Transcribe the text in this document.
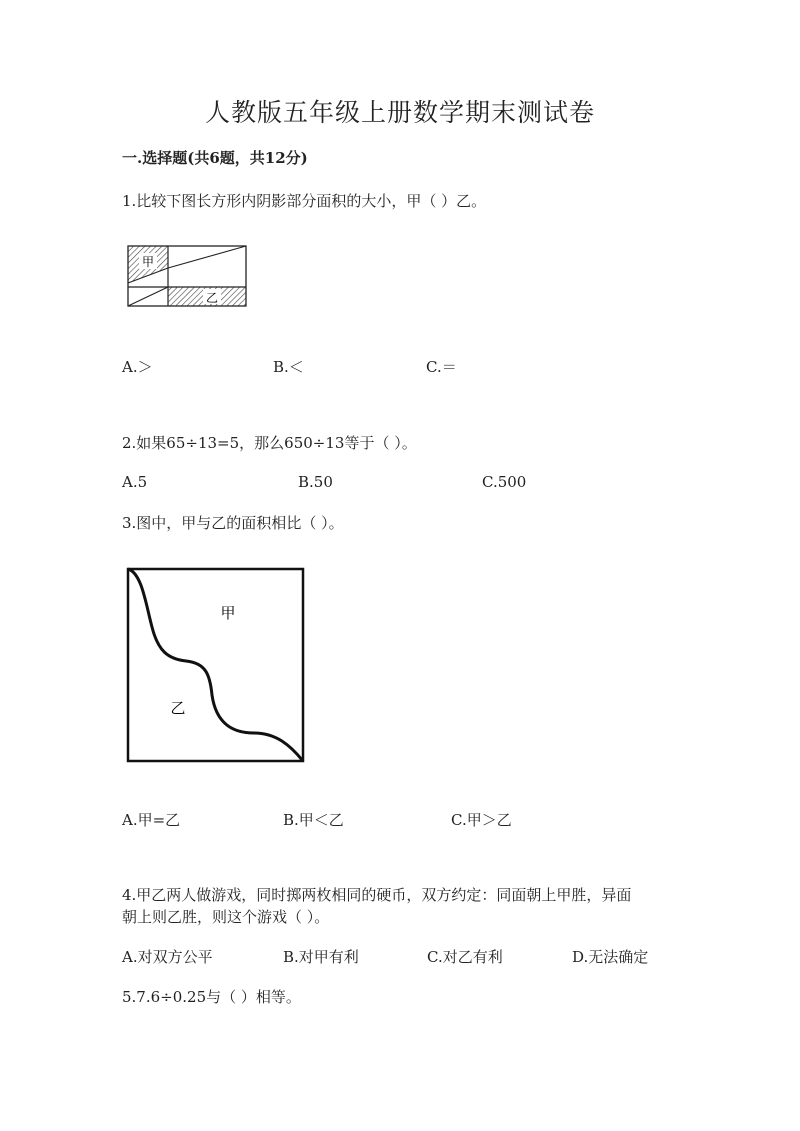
人教版五年级上册数学期末测试卷
一.选择题(共6题，共12分)
1.比较下图长方形内阴影部分面积的大小，甲（ ）乙。
甲
乙
A.＞	B.＜	C.＝
2.如果65÷13=5，那么650÷13等于（ ）。
A.5	B.50	C.500
3.图中，甲与乙的面积相比（ ）。
甲
乙
A.甲=乙	B.甲＜乙	C.甲＞乙
4.甲乙两人做游戏，同时掷两枚相同的硬币，双方约定：同面朝上甲胜，异面
朝上则乙胜，则这个游戏（ ）。
A.对双方公平	B.对甲有利	C.对乙有利	D.无法确定
5.7.6÷0.25与（ ）相等。
